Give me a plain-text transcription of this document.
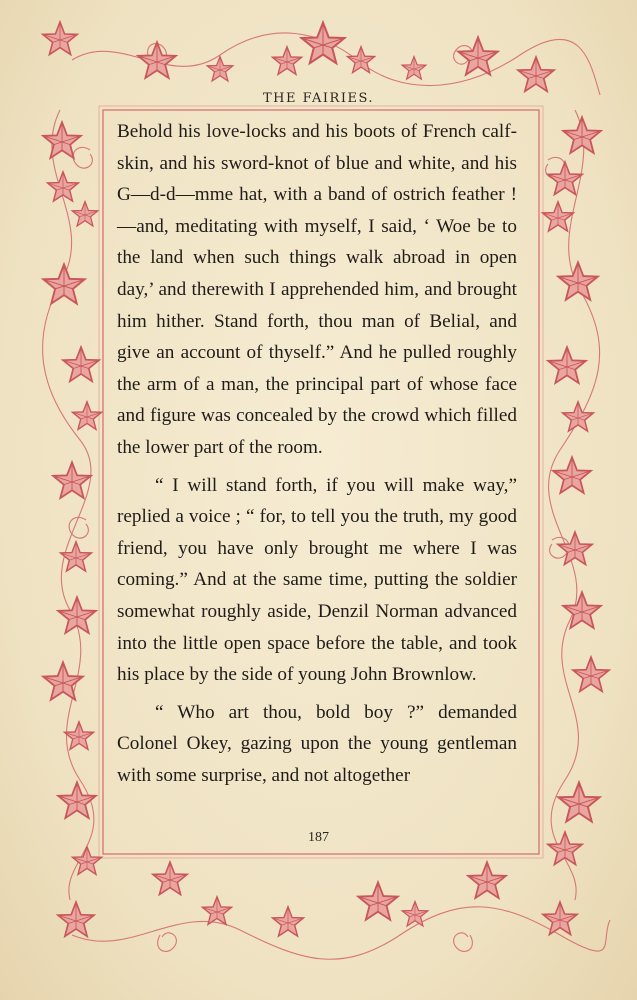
THE FAIRIES.

Behold his love-locks and his boots of French calf-skin, and his sword-knot of blue and white, and his G—d-d—mme hat, with a band of ostrich feather !—and, meditating with myself, I said, ‘ Woe be to the land when such things walk abroad in open day,’ and therewith I apprehended him, and brought him hither. Stand forth, thou man of Belial, and give an account of thyself.” And he pulled roughly the arm of a man, the principal part of whose face and figure was concealed by the crowd which filled the lower part of the room.

“ I will stand forth, if you will make way,” replied a voice ; “ for, to tell you the truth, my good friend, you have only brought me where I was coming.” And at the same time, putting the soldier somewhat roughly aside, Denzil Norman advanced into the little open space before the table, and took his place by the side of young John Brownlow.

“ Who art thou, bold boy ?” demanded Colonel Okey, gazing upon the young gentleman with some surprise, and not altogether

187
